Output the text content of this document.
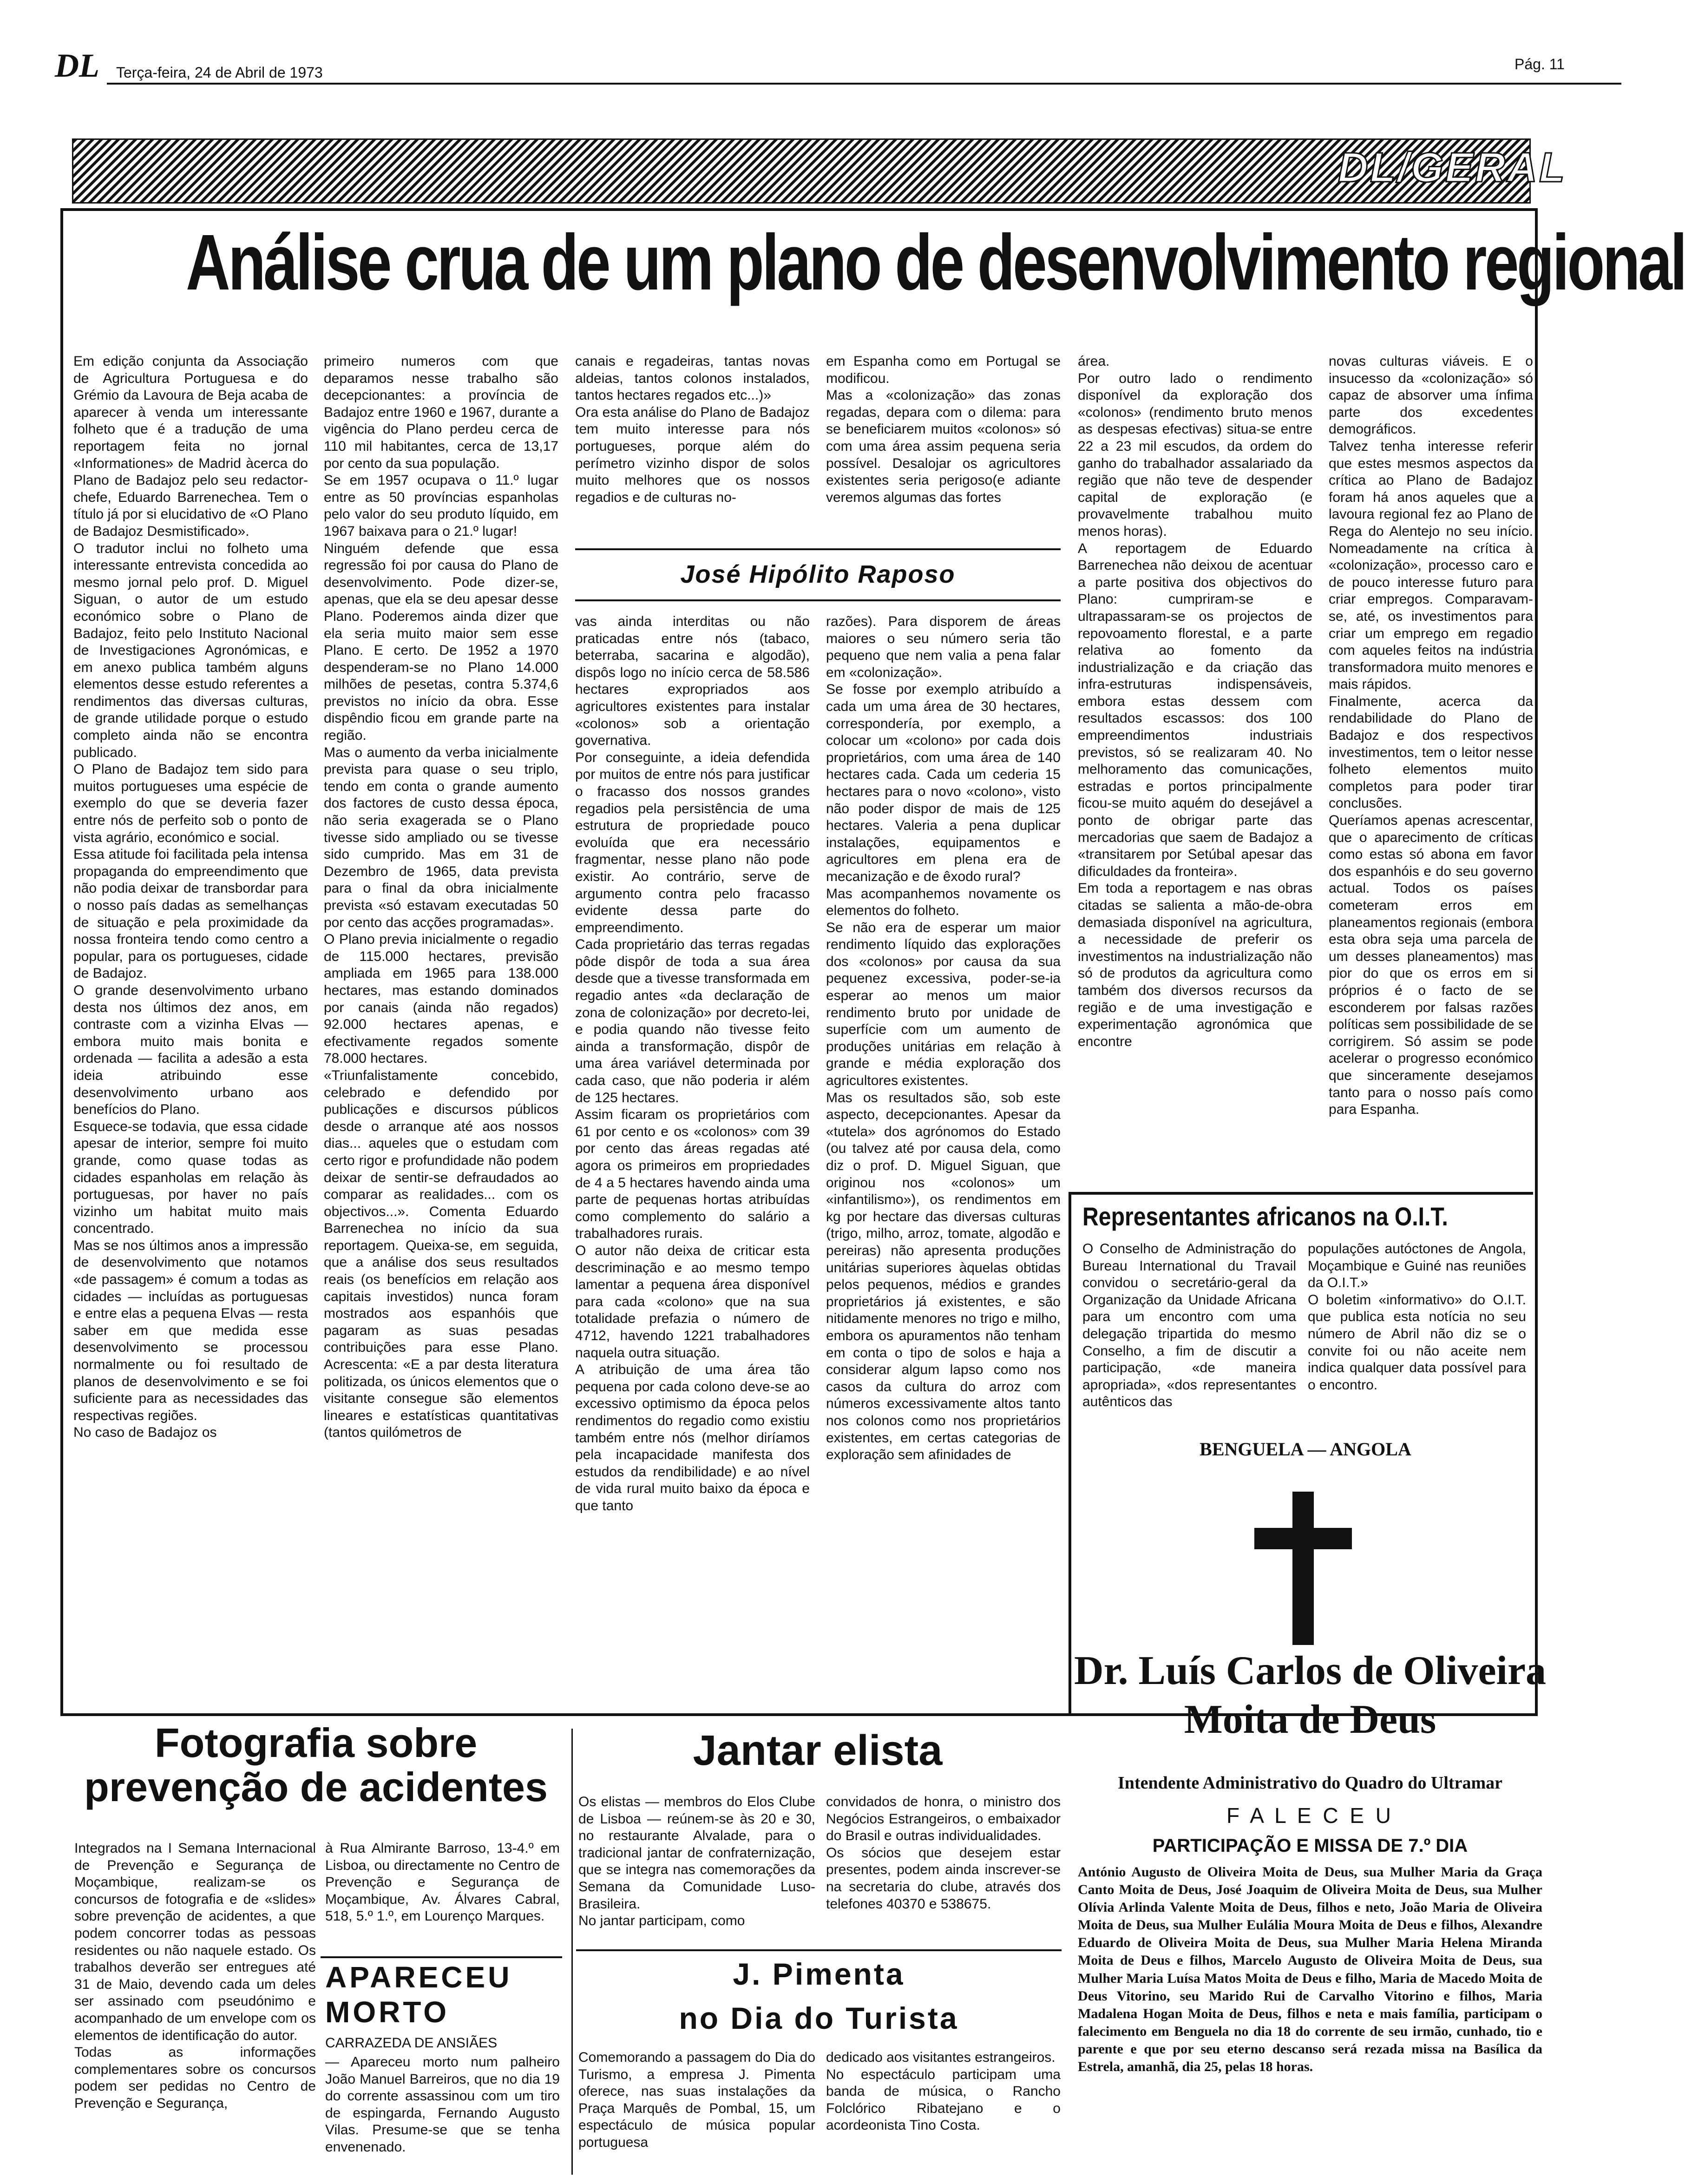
DL Terça-feira, 24 de Abril de 1973	Pág. 11
DL/GERAL
Análise crua de um plano de desenvolvimento regional
Em edição conjunta da Associação de Agricultura Portuguesa e do Grémio da Lavoura de Beja acaba de aparecer à venda um interessante folheto que é a tradução de uma reportagem feita no jornal «Informationes» de Madrid àcerca do Plano de Badajoz pelo seu redactor-chefe, Eduardo Barrenechea. Tem o título já por si elucidativo de «O Plano de Badajoz Desmistificado».
O tradutor inclui no folheto uma interessante entrevista concedida ao mesmo jornal pelo prof. D. Miguel Siguan, o autor de um estudo económico sobre o Plano de Badajoz, feito pelo Instituto Nacional de Investigaciones Agronómicas, e em anexo publica também alguns elementos desse estudo referentes a rendimentos das diversas culturas, de grande utilidade porque o estudo completo ainda não se encontra publicado.
O Plano de Badajoz tem sido para muitos portugueses uma espécie de exemplo do que se deveria fazer entre nós de perfeito sob o ponto de vista agrário, económico e social.
Essa atitude foi facilitada pela intensa propaganda do empreendimento que não podia deixar de transbordar para o nosso país dadas as semelhanças de situação e pela proximidade da nossa fronteira tendo como centro a popular, para os portugueses, cidade de Badajoz.
O grande desenvolvimento urbano desta nos últimos dez anos, em contraste com a vizinha Elvas — embora muito mais bonita e ordenada — facilita a adesão a esta ideia atribuindo esse desenvolvimento urbano aos benefícios do Plano.
Esquece-se todavia, que essa cidade apesar de interior, sempre foi muito grande, como quase todas as cidades espanholas em relação às portuguesas, por haver no país vizinho um habitat muito mais concentrado.
Mas se nos últimos anos a impressão de desenvolvimento que notamos «de passagem» é comum a todas as cidades — incluídas as portuguesas e entre elas a pequena Elvas — resta saber em que medida esse desenvolvimento se processou normalmente ou foi resultado de planos de desenvolvimento e se foi suficiente para as necessidades das respectivas regiões.
No caso de Badajoz os
primeiro numeros com que deparamos nesse trabalho são decepcionantes: a província de Badajoz entre 1960 e 1967, durante a vigência do Plano perdeu cerca de 110 mil habitantes, cerca de 13,17 por cento da sua população.
Se em 1957 ocupava o 11.º lugar entre as 50 províncias espanholas pelo valor do seu produto líquido, em 1967 baixava para o 21.º lugar!
Ninguém defende que essa regressão foi por causa do Plano de desenvolvimento. Pode dizer-se, apenas, que ela se deu apesar desse Plano. Poderemos ainda dizer que ela seria muito maior sem esse Plano. E certo. De 1952 a 1970 despenderam-se no Plano 14.000 milhões de pesetas, contra 5.374,6 previstos no início da obra. Esse dispêndio ficou em grande parte na região.
Mas o aumento da verba inicialmente prevista para quase o seu triplo, tendo em conta o grande aumento dos factores de custo dessa época, não seria exagerada se o Plano tivesse sido ampliado ou se tivesse sido cumprido. Mas em 31 de Dezembro de 1965, data prevista para o final da obra inicialmente prevista «só estavam executadas 50 por cento das acções programadas».
O Plano previa inicialmente o regadio de 115.000 hectares, previsão ampliada em 1965 para 138.000 hectares, mas estando dominados por canais (ainda não regados) 92.000 hectares apenas, e efectivamente regados somente 78.000 hectares.
«Triunfalistamente concebido, celebrado e defendido por publicações e discursos públicos desde o arranque até aos nossos dias... aqueles que o estudam com certo rigor e profundidade não podem deixar de sentir-se defraudados ao comparar as realidades... com os objectivos...». Comenta Eduardo Barrenechea no início da sua reportagem. Queixa-se, em seguida, que a análise dos seus resultados reais (os benefícios em relação aos capitais investidos) nunca foram mostrados aos espanhóis que pagaram as suas pesadas contribuições para esse Plano. Acrescenta: «E a par desta literatura politizada, os únicos elementos que o visitante consegue são elementos lineares e estatísticas quantitativas (tantos quilómetros de
canais e regadeiras, tantas novas aldeias, tantos colonos instalados, tantos hectares regados etc...)»
Ora esta análise do Plano de Badajoz tem muito interesse para nós portugueses, porque além do perímetro vizinho dispor de solos muito melhores que os nossos regadios e de culturas no-
em Espanha como em Portugal se modificou.
Mas a «colonização» das zonas regadas, depara com o dilema: para se beneficiarem muitos «colonos» só com uma área assim pequena seria possível. Desalojar os agricultores existentes seria perigoso(e adiante veremos algumas das fortes
José Hipólito Raposo
vas ainda interditas ou não praticadas entre nós (tabaco, beterraba, sacarina e algodão), dispôs logo no início cerca de 58.586 hectares expropriados aos agricultores existentes para instalar «colonos» sob a orientação governativa.
Por conseguinte, a ideia defendida por muitos de entre nós para justificar o fracasso dos nossos grandes regadios pela persistência de uma estrutura de propriedade pouco evoluída que era necessário fragmentar, nesse plano não pode existir. Ao contrário, serve de argumento contra pelo fracasso evidente dessa parte do empreendimento.
Cada proprietário das terras regadas pôde dispôr de toda a sua área desde que a tivesse transformada em regadio antes «da declaração de zona de colonização» por decreto-lei, e podia quando não tivesse feito ainda a transformação, dispôr de uma área variável determinada por cada caso, que não poderia ir além de 125 hectares.
Assim ficaram os proprietários com 61 por cento e os «colonos» com 39 por cento das áreas regadas até agora os primeiros em propriedades de 4 a 5 hectares havendo ainda uma parte de pequenas hortas atribuídas como complemento do salário a trabalhadores rurais.
O autor não deixa de criticar esta descriminação e ao mesmo tempo lamentar a pequena área disponível para cada «colono» que na sua totalidade prefazia o número de 4712, havendo 1221 trabalhadores naquela outra situação.
A atribuição de uma área tão pequena por cada colono deve-se ao excessivo optimismo da época pelos rendimentos do regadio como existiu também entre nós (melhor diríamos pela incapacidade manifesta dos estudos da rendibilidade) e ao nível de vida rural muito baixo da época e que tanto
razões). Para disporem de áreas maiores o seu número seria tão pequeno que nem valia a pena falar em «colonização».
Se fosse por exemplo atribuído a cada um uma área de 30 hectares, correspondería, por exemplo, a colocar um «colono» por cada dois proprietários, com uma área de 140 hectares cada. Cada um cederia 15 hectares para o novo «colono», visto não poder dispor de mais de 125 hectares. Valeria a pena duplicar instalações, equipamentos e agricultores em plena era de mecanização e de êxodo rural?
Mas acompanhemos novamente os elementos do folheto.
Se não era de esperar um maior rendimento líquido das explorações dos «colonos» por causa da sua pequenez excessiva, poder-se-ia esperar ao menos um maior rendimento bruto por unidade de superfície com um aumento de produções unitárias em relação à grande e média exploração dos agricultores existentes.
Mas os resultados são, sob este aspecto, decepcionantes. Apesar da «tutela» dos agrónomos do Estado (ou talvez até por causa dela, como diz o prof. D. Miguel Siguan, que originou nos «colonos» um «infantilismo»), os rendimentos em kg por hectare das diversas culturas (trigo, milho, arroz, tomate, algodão e pereiras) não apresenta produções unitárias superiores àquelas obtidas pelos pequenos, médios e grandes proprietários já existentes, e são nitidamente menores no trigo e milho, embora os apuramentos não tenham em conta o tipo de solos e haja a considerar algum lapso como nos casos da cultura do arroz com números excessivamente altos tanto nos colonos como nos proprietários existentes, em certas categorias de exploração sem afinidades de
área.
Por outro lado o rendimento disponível da exploração dos «colonos» (rendimento bruto menos as despesas efectivas) situa-se entre 22 a 23 mil escudos, da ordem do ganho do trabalhador assalariado da região que não teve de despender capital de exploração (e provavelmente trabalhou muito menos horas).
A reportagem de Eduardo Barrenechea não deixou de acentuar a parte positiva dos objectivos do Plano: cumpriram-se e ultrapassaram-se os projectos de repovoamento florestal, e a parte relativa ao fomento da industrialização e da criação das infra-estruturas indispensáveis, embora estas dessem com resultados escassos: dos 100 empreendimentos industriais previstos, só se realizaram 40. No melhoramento das comunicações, estradas e portos principalmente ficou-se muito aquém do desejável a ponto de obrigar parte das mercadorias que saem de Badajoz a «transitarem por Setúbal apesar das dificuldades da fronteira».
Em toda a reportagem e nas obras citadas se salienta a mão-de-obra demasiada disponível na agricultura, a necessidade de preferir os investimentos na industrialização não só de produtos da agricultura como também dos diversos recursos da região e de uma investigação e experimentação agronómica que encontre
novas culturas viáveis. E o insucesso da «colonização» só capaz de absorver uma ínfima parte dos excedentes demográficos.
Talvez tenha interesse referir que estes mesmos aspectos da crítica ao Plano de Badajoz foram há anos aqueles que a lavoura regional fez ao Plano de Rega do Alentejo no seu início. Nomeadamente na crítica à «colonização», processo caro e de pouco interesse futuro para criar empregos. Comparavam-se, até, os investimentos para criar um emprego em regadio com aqueles feitos na indústria transformadora muito menores e mais rápidos.
Finalmente, acerca da rendabilidade do Plano de Badajoz e dos respectivos investimentos, tem o leitor nesse folheto elementos muito completos para poder tirar conclusões.
Queríamos apenas acrescentar, que o aparecimento de críticas como estas só abona em favor dos espanhóis e do seu governo actual. Todos os países cometeram erros em planeamentos regionais (embora esta obra seja uma parcela de um desses planeamentos) mas pior do que os erros em si próprios é o facto de se esconderem por falsas razões políticas sem possibilidade de se corrigirem. Só assim se pode acelerar o progresso económico que sinceramente desejamos tanto para o nosso país como para Espanha.
Representantes africanos na O.I.T.
O Conselho de Administração do Bureau International du Travail convidou o secretário-geral da Organização da Unidade Africana para um encontro com uma delegação tripartida do mesmo Conselho, a fim de discutir a participação, «de maneira apropriada», «dos representantes autênticos das
populações autóctones de Angola, Moçambique e Guiné nas reuniões da O.I.T.»
O boletim «informativo» do O.I.T. que publica esta notícia no seu número de Abril não diz se o convite foi ou não aceite nem indica qualquer data possível para o encontro.
BENGUELA — ANGOLA
Dr. Luís Carlos de Oliveira
Moita de Deus
Intendente Administrativo do Quadro do Ultramar
F A L E C E U
PARTICIPAÇÃO E MISSA DE 7.º DIA
António Augusto de Oliveira Moita de Deus, sua Mulher Maria da Graça Canto Moita de Deus, José Joaquim de Oliveira Moita de Deus, sua Mulher Olívia Arlinda Valente Moita de Deus, filhos e neto, João Maria de Oliveira Moita de Deus, sua Mulher Eulália Moura Moita de Deus e filhos, Alexandre Eduardo de Oliveira Moita de Deus, sua Mulher Maria Helena Miranda Moita de Deus e filhos, Marcelo Augusto de Oliveira Moita de Deus, sua Mulher Maria Luísa Matos Moita de Deus e filho, Maria de Macedo Moita de Deus Vitorino, seu Marido Rui de Carvalho Vitorino e filhos, Maria Madalena Hogan Moita de Deus, filhos e neta e mais família, participam o falecimento em Benguela no dia 18 do corrente de seu irmão, cunhado, tio e parente e que por seu eterno descanso será rezada missa na Basílica da Estrela, amanhã, dia 25, pelas 18 horas.
Fotografia sobre
prevenção de acidentes
Integrados na I Semana Internacional de Prevenção e Segurança de Moçambique, realizam-se os concursos de fotografia e de «slides» sobre prevenção de acidentes, a que podem concorrer todas as pessoas residentes ou não naquele estado. Os trabalhos deverão ser entregues até 31 de Maio, devendo cada um deles ser assinado com pseudónimo e acompanhado de um envelope com os elementos de identificação do autor.
Todas as informações complementares sobre os concursos podem ser pedidas no Centro de Prevenção e Segurança,
à Rua Almirante Barroso, 13-4.º em Lisboa, ou directamente no Centro de Prevenção e Segurança de Moçambique, Av. Álvares Cabral, 518, 5.º 1.º, em Lourenço Marques.
APARECEU
MORTO
CARRAZEDA DE ANSIÃES
— Apareceu morto num palheiro João Manuel Barreiros, que no dia 19 do corrente assassinou com um tiro de espingarda, Fernando Augusto Vilas. Presume-se que se tenha envenenado.
Jantar elista
Os elistas — membros do Elos Clube de Lisboa — reúnem-se às 20 e 30, no restaurante Alvalade, para o tradicional jantar de confraternização, que se integra nas comemorações da Semana da Comunidade Luso-Brasileira.
No jantar participam, como
convidados de honra, o ministro dos Negócios Estrangeiros, o embaixador do Brasil e outras individualidades.
Os sócios que desejem estar presentes, podem ainda inscrever-se na secretaria do clube, através dos telefones 40370 e 538675.
J. Pimenta
no Dia do Turista
Comemorando a passagem do Dia do Turismo, a empresa J. Pimenta oferece, nas suas instalações da Praça Marquês de Pombal, 15, um espectáculo de música popular portuguesa
dedicado aos visitantes estrangeiros.
No espectáculo participam uma banda de música, o Rancho Folclórico Ribatejano e o acordeonista Tino Costa.
